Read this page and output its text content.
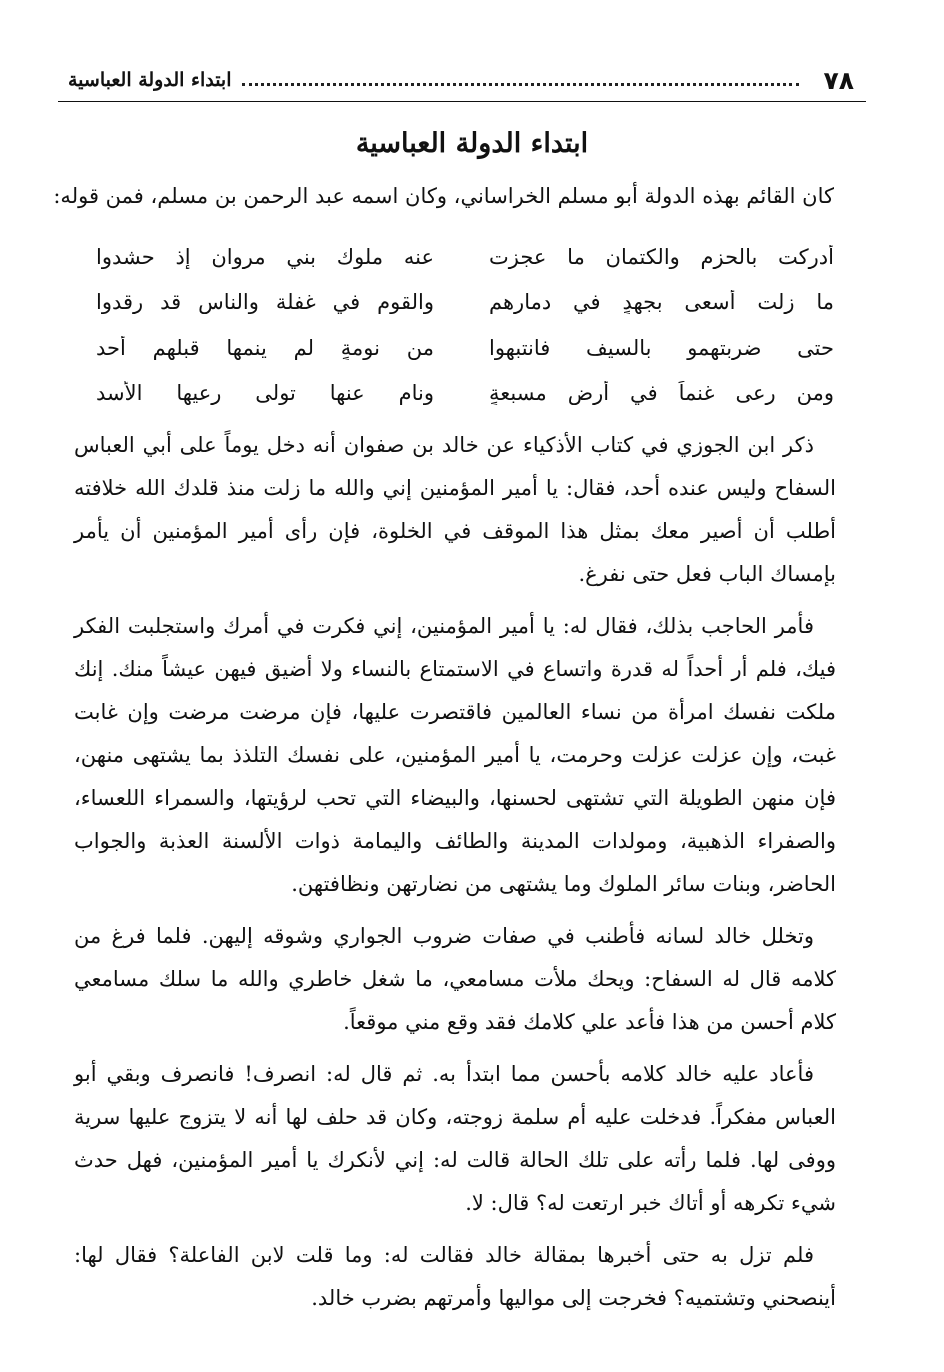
٧٨
ابتداء الدولة العباسية
ابتداء الدولة العباسية
كان القائم بهذه الدولة أبو مسلم الخراساني، وكان اسمه عبد الرحمن بن مسلم، فمن قوله:
أدركت بالحزم والكتمان ما عجزت
عنه ملوك بني مروان إذ حشدوا
ما زلت أسعى بجهدٍ في دمارهم
والقوم في غفلة والناس قد رقدوا
حتى ضربتهمو بالسيف فانتبهوا
من نومةٍ لم ينمها قبلهم أحد
ومن رعى غنماً في أرض مسبعةٍ
ونام عنها تولى رعيها الأسد

ذكر ابن الجوزي في كتاب الأذكياء عن خالد بن صفوان أنه دخل يوماً على أبي العباس السفاح وليس عنده أحد، فقال: يا أمير المؤمنين إني والله ما زلت منذ قلدك الله خلافته أطلب أن أصير معك بمثل هذا الموقف في الخلوة، فإن رأى أمير المؤمنين أن يأمر بإمساك الباب فعل حتى نفرغ.

فأمر الحاجب بذلك، فقال له: يا أمير المؤمنين، إني فكرت في أمرك واستجلبت الفكر فيك، فلم أر أحداً له قدرة واتساع في الاستمتاع بالنساء ولا أضيق فيهن عيشاً منك. إنك ملكت نفسك امرأة من نساء العالمين فاقتصرت عليها، فإن مرضت مرضت وإن غابت غبت، وإن عزلت عزلت وحرمت، يا أمير المؤمنين، على نفسك التلذذ بما يشتهى منهن، فإن منهن الطويلة التي تشتهى لحسنها، والبيضاء التي تحب لرؤيتها، والسمراء اللعساء، والصفراء الذهبية، ومولدات المدينة والطائف واليمامة ذوات الألسنة العذبة والجواب الحاضر، وبنات سائر الملوك وما يشتهى من نضارتهن ونظافتهن.

وتخلل خالد لسانه فأطنب في صفات ضروب الجواري وشوقه إليهن. فلما فرغ من كلامه قال له السفاح: ويحك ملأت مسامعي، ما شغل خاطري والله ما سلك مسامعي كلام أحسن من هذا فأعد علي كلامك فقد وقع مني موقعاً.

فأعاد عليه خالد كلامه بأحسن مما ابتدأ به. ثم قال له: انصرف! فانصرف وبقي أبو العباس مفكراً. فدخلت عليه أم سلمة زوجته، وكان قد حلف لها أنه لا يتزوج عليها سرية ووفى لها. فلما رأته على تلك الحالة قالت له: إني لأنكرك يا أمير المؤمنين، فهل حدث شيء تكرهه أو أتاك خبر ارتعت له؟ قال: لا.

فلم تزل به حتى أخبرها بمقالة خالد فقالت له: وما قلت لابن الفاعلة؟ فقال لها: أينصحني وتشتميه؟ فخرجت إلى مواليها وأمرتهم بضرب خالد.
